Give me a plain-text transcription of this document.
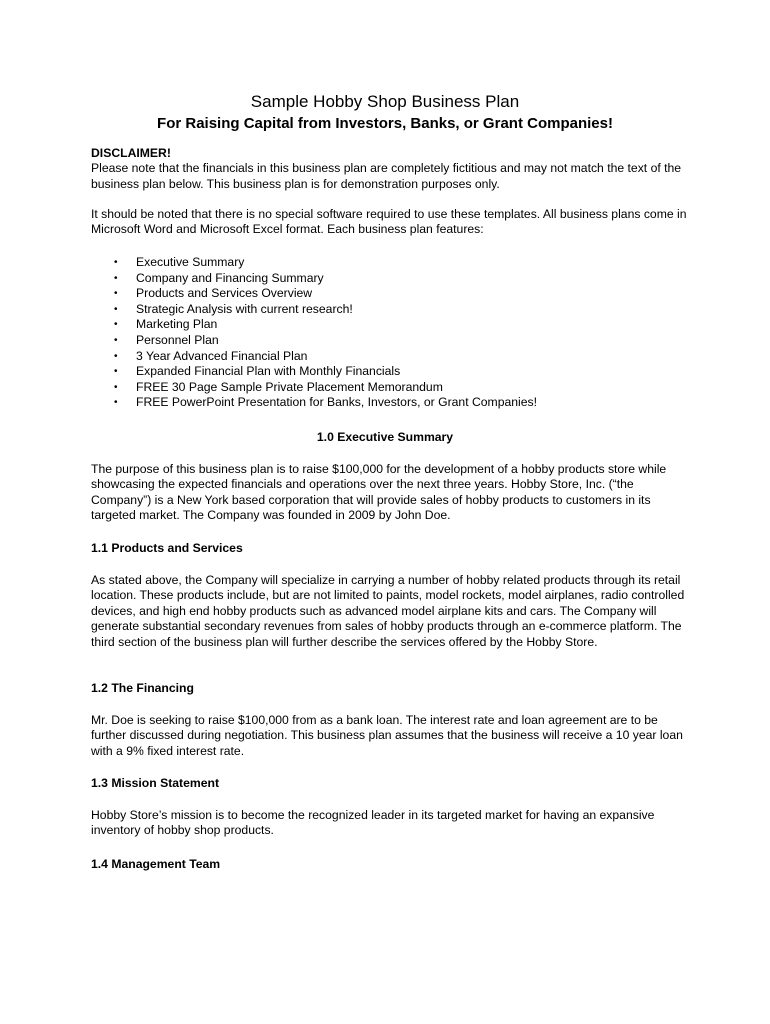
Sample Hobby Shop Business Plan
For Raising Capital from Investors, Banks, or Grant Companies!

DISCLAIMER!
Please note that the financials in this business plan are completely fictitious and may not match the text of the business plan below. This business plan is for demonstration purposes only.

It should be noted that there is no special software required to use these templates. All business plans come in Microsoft Word and Microsoft Excel format. Each business plan features:

• Executive Summary
• Company and Financing Summary
• Products and Services Overview
• Strategic Analysis with current research!
• Marketing Plan
• Personnel Plan
• 3 Year Advanced Financial Plan
• Expanded Financial Plan with Monthly Financials
• FREE 30 Page Sample Private Placement Memorandum
• FREE PowerPoint Presentation for Banks, Investors, or Grant Companies!
1.0 Executive Summary

The purpose of this business plan is to raise $100,000 for the development of a hobby products store while showcasing the expected financials and operations over the next three years. Hobby Store, Inc. (“the Company”) is a New York based corporation that will provide sales of hobby products to customers in its targeted market. The Company was founded in 2009 by John Doe.

1.1 Products and Services

As stated above, the Company will specialize in carrying a number of hobby related products through its retail location. These products include, but are not limited to paints, model rockets, model airplanes, radio controlled devices, and high end hobby products such as advanced model airplane kits and cars. The Company will generate substantial secondary revenues from sales of hobby products through an e-commerce platform. The third section of the business plan will further describe the services offered by the Hobby Store.

1.2 The Financing

Mr. Doe is seeking to raise $100,000 from as a bank loan. The interest rate and loan agreement are to be further discussed during negotiation. This business plan assumes that the business will receive a 10 year loan with a 9% fixed interest rate.

1.3 Mission Statement

Hobby Store’s mission is to become the recognized leader in its targeted market for having an expansive inventory of hobby shop products.

1.4 Management Team
